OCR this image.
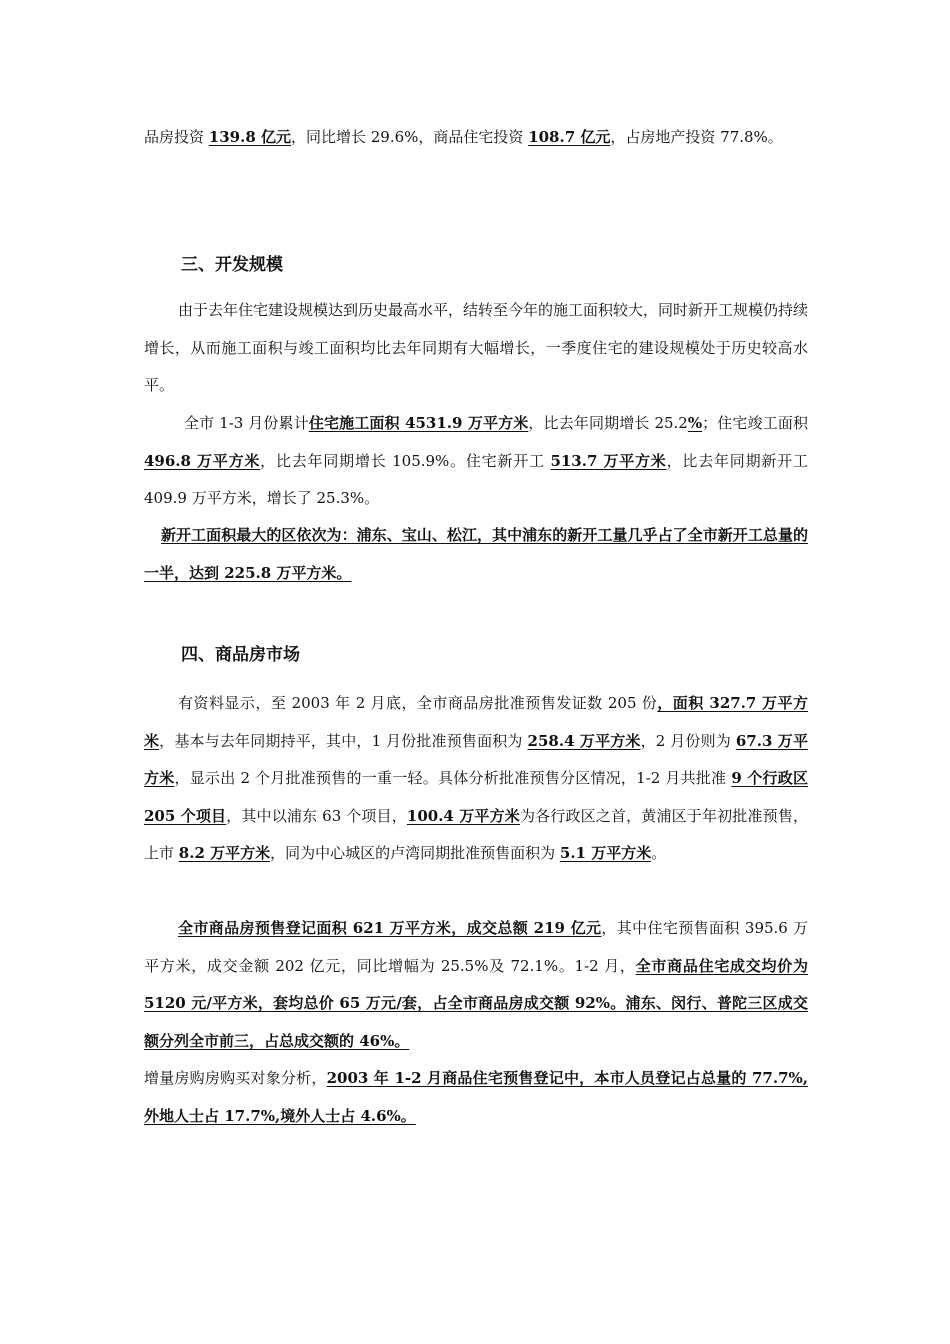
品房投资 139.8 亿元，同比增长 29.6%，商品住宅投资 108.7 亿元，占房地产投资 77.8%。

三、开发规模

由于去年住宅建设规模达到历史最高水平，结转至今年的施工面积较大，同时新开工规模仍持续增长，从而施工面积与竣工面积均比去年同期有大幅增长，一季度住宅的建设规模处于历史较高水平。

全市 1-3 月份累计住宅施工面积 4531.9 万平方米，比去年同期增长 25.2%；住宅竣工面积 496.8 万平方米，比去年同期增长 105.9%。住宅新开工 513.7 万平方米，比去年同期新开工 409.9 万平方米，增长了 25.3%。

新开工面积最大的区依次为：浦东、宝山、松江，其中浦东的新开工量几乎占了全市新开工总量的一半，达到 225.8 万平方米。

四、商品房市场

有资料显示，至 2003 年 2 月底，全市商品房批准预售发证数 205 份，面积 327.7 万平方米，基本与去年同期持平，其中，1 月份批准预售面积为 258.4 万平方米，2 月份则为 67.3 万平方米，显示出 2 个月批准预售的一重一轻。具体分析批准预售分区情况，1-2 月共批准 9 个行政区 205 个项目，其中以浦东 63 个项目，100.4 万平方米为各行政区之首，黄浦区于年初批准预售，上市 8.2 万平方米，同为中心城区的卢湾同期批准预售面积为 5.1 万平方米。

全市商品房预售登记面积 621 万平方米，成交总额 219 亿元，其中住宅预售面积 395.6 万平方米，成交金额 202 亿元，同比增幅为 25.5%及 72.1%。1-2 月，全市商品住宅成交均价为 5120 元/平方米，套均总价 65 万元/套，占全市商品房成交额 92%。浦东、闵行、普陀三区成交额分列全市前三，占总成交额的 46%。

增量房购房购买对象分析，2003 年 1-2 月商品住宅预售登记中，本市人员登记占总量的 77.7%,外地人士占 17.7%,境外人士占 4.6%。
